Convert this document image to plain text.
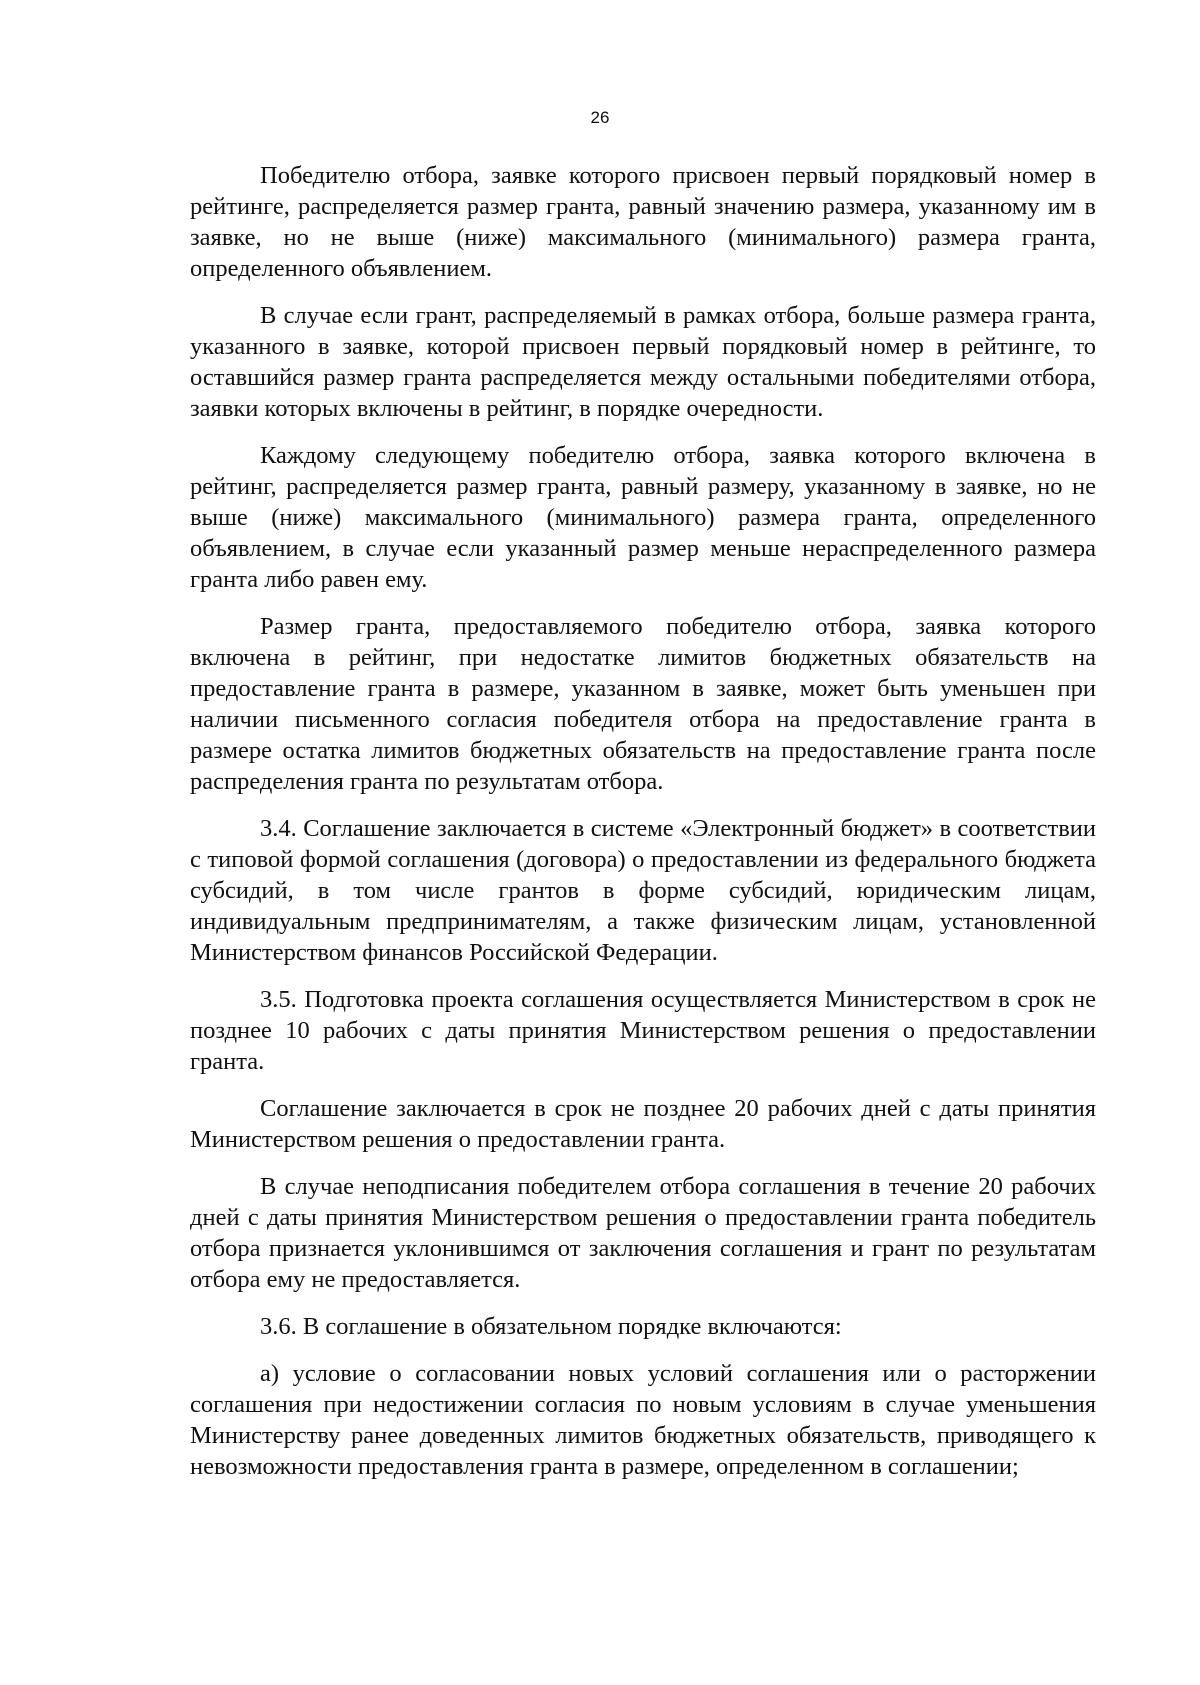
26

Победителю отбора, заявке которого присвоен первый порядковый номер в рейтинге, распределяется размер гранта, равный значению размера, указанному им в заявке, но не выше (ниже) максимального (минимального) размера гранта, определенного объявлением.

В случае если грант, распределяемый в рамках отбора, больше размера гранта, указанного в заявке, которой присвоен первый порядковый номер в рейтинге, то оставшийся размер гранта распределяется между остальными победителями отбора, заявки которых включены в рейтинг, в порядке очередности.

Каждому следующему победителю отбора, заявка которого включена в рейтинг, распределяется размер гранта, равный размеру, указанному в заявке, но не выше (ниже) максимального (минимального) размера гранта, определенного объявлением, в случае если указанный размер меньше нераспределенного размера гранта либо равен ему.

Размер гранта, предоставляемого победителю отбора, заявка которого включена в рейтинг, при недостатке лимитов бюджетных обязательств на предоставление гранта в размере, указанном в заявке, может быть уменьшен при наличии письменного согласия победителя отбора на предоставление гранта в размере остатка лимитов бюджетных обязательств на предоставление гранта после распределения гранта по результатам отбора.

3.4. Соглашение заключается в системе «Электронный бюджет» в соответствии с типовой формой соглашения (договора) о предоставлении из федерального бюджета субсидий, в том числе грантов в форме субсидий, юридическим лицам, индивидуальным предпринимателям, а также физическим лицам, установленной Министерством финансов Российской Федерации.

3.5. Подготовка проекта соглашения осуществляется Министерством в срок не позднее 10 рабочих с даты принятия Министерством решения о предоставлении гранта.

Соглашение заключается в срок не позднее 20 рабочих дней с даты принятия Министерством решения о предоставлении гранта.

В случае неподписания победителем отбора соглашения в течение 20 рабочих дней с даты принятия Министерством решения о предоставлении гранта победитель отбора признается уклонившимся от заключения соглашения и грант по результатам отбора ему не предоставляется.

3.6. В соглашение в обязательном порядке включаются:

а) условие о согласовании новых условий соглашения или о расторжении соглашения при недостижении согласия по новым условиям в случае уменьшения Министерству ранее доведенных лимитов бюджетных обязательств, приводящего к невозможности предоставления гранта в размере, определенном в соглашении;
